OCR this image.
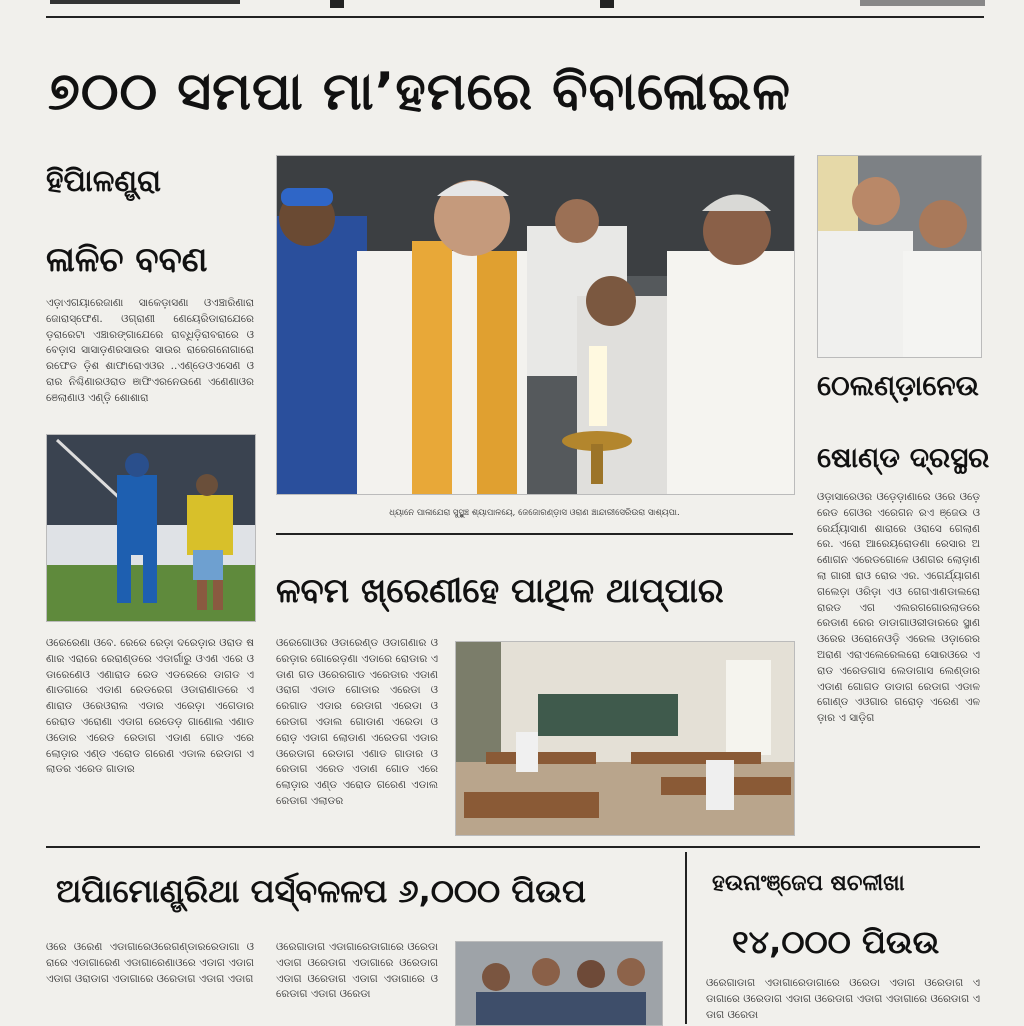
୭୦୦ ସମପା ମା’ହମରେ ବିବାଳୋଇଳ
ହିପିାଳଣ୍ଡ୍ରା
ଳାଳିଚ ବବଣ
ଏଡ଼ାଏଗୟାରେଜାଣା ସାକେଡ଼ାସଣା ଓଏଞ୍ଚାରିଣାରା ଜୋରାସ୍ଫେଣ. ଓଗ୍ରାଣୀ ଣେୟେରିଡାରାଯେରେ ଡ଼ରାରେଟା ଏଞ୍ଚାରଙ୍ଗାଯେରେ ରାବ୍ଧିଡ଼ିରାବରାରେ ଓବେଡ଼ାସ ସାସାଡ଼ଣରସାଉର ସାଉର ରାରେଗନୋଗାରୋ ରଫେଡ ଡ଼ିଶ ଶାଫାରୋଏଓର ..ଏଣ୍ଡେଓଏସେଣ ଓରାର ନିଶ୍ଚିଣାରଓରାଡ ଞାଫିଏରନେଉଣେ ଏଣେଣାଓର ଞେଲାଣାଓ ଏଣ୍ଡ଼ି ଶୋଶାରା
ଧ୍ୟାନେ ପାଳାଯେରା ସୁସ୍ଥୁଞ୍ଚ ଶ୍ୟାପାଳୟେ, ଜେଜୋରଣ୍ଡ଼ାସ ଓରାଣ ଞ୍ଚାନ୍ଦାରୀସେରିଉରା ସାଶ୍ୟପା.
ଠେଲଣ୍ଡ଼ାନେଉ
ଷୋଣ୍ଡ ଦ୍ରସ୍ଥର
ଓଡ଼ାସାରେଓର ଓଡ଼େଡ଼ାଣାରେ ଓରେ ଓଡ଼େ ରେଡ ଗେଓର ଏରେଗନ ରଏ ଞ୍ଜେଉ ଓରେର୍ଯ୍ୟାସାଣ ଶାରାରେ ଓରାସେ ଗେଲାଣରେ. ଏରୋ ଆରେୟରୋଡଣା ରେସାର ଅଣୋଗନ ଏରେଡଗୋଳେ ଓଣଗର ଲୋଡ଼ାଣଲା ଗାରୀ ରାଓ ରୋର ଏର. ଏଗେର୍ଯ୍ୟାଗଣଗଲେଡ଼ା ଓରିଡ଼ା ଏଓ ଗେଗଏାଣଡାଲରୋ ରାରଡ ଏଗ ଏଲରଗଗୋରଲାଡରେ ରେଡାଣ ରେର ଡାଡାଗାଓରୀଡାରରେ ସ୍ଥାଣ ଓରେର ଓରୋନେଓଡ଼ି ଏରେଲ ଓଡ଼ାରେର ଅରାଣ ଏରାଏଲେରେଲରୋ ସୋରଓରେ ଏରାଡ ଏରେଡଗାସ ଲେଡାଗାସ ଲେଣ୍ଡାର ଏଡାଣ ଗୋଗଡ ଡାଡାଗ ରେଡାଗ ଏଡାଳ ଗୋଣ୍ଡ ଏଓଗାର ଗରୋଡ଼ ଏରେଣ ଏଳ ଡ଼ାର ଏ ସାଡ଼ିଗ
ଳବମ ଖ୍ରେଣୀହେ ପାଥିଳ ଥାପ୍ପାର
ଓରେରେଣା ଓବେ. ରେରେ ରେଡ଼ା ଦରେଡ଼ାର ଓରାଡ ଷଣାର ଏରାରେ ରେରାଣ୍ଡରେ ଏଡାର୍ଗାରୁ ଓଏଣ ଏରେ ଓଡାରେଣେଓ ଏଣାରାଡ ରେଡ ଏଡରେରେ ଡାଗଡ ଏଣାଡଗାରେ ଏଡାଣ ରେଡରେଗ ଓଡାରାଣାଡରେ ଏଣାରାଡ ଓରେଓରାଲ ଏଡାର ଏରେଡ଼ା ଏଗେଡାର ରେରାଡ ଏରୋଣା ଏଡାଗ ରେଡେଡ଼ ଗାଣୋଲ ଏଣାଡ ଓଡୋର ଏରେଡ ରେଡାଗ ଏଡାଣ ଗୋଡ ଏରେ ଲୋଡ଼ାର ଏଣ୍ଡ ଏରୋଡ ଗରେଣ ଏଡାଲ ରେଡାଗ ଏଲାଡର ଏରେଡ ଗାଡାର
ଓରେଗୋଓର ଓଡାରେଣ୍ଡ ଓଡାଗଣାର ଓରେଡ଼ାର ଗୋରେଡ଼ଣା ଏଡାରେ ରୋଡାର ଏଡାଣ ଗଡ ଓରେରଗାଡ ଏରେଡାର ଏଡାଣ ଓରାଗ ଏଡାଡ ଗୋଡାର ଏରେଡା ଓରେଗାଡ ଏଡାର ରେଡାଗ ଏରେଡା ଓରେଡାଗ ଏଡାଲ ଗୋଡାଣ ଏରେଡା ଓରୋଡ଼ ଏଡାଗ ଲୋଡାଣ ଏରେଡଗ ଏଡାର ଓରେଡାଗ ରେଡାଗ ଏଣାଡ ଗାଡାର ଓରେଡାଗ ଏରେଡ ଏଡାଣ ଗୋଡ ଏରେ ଲୋଡ଼ାର ଏଣ୍ଡ ଏରୋଡ ଗରେଣ ଏଡାଲ ରେଡାଗ ଏଲାଡର
ଅପିାମୋଣ୍ଡ୍ରିଥା ପର୍ସ୍ବଳଳପ ୬,୦୦୦ ପିଉପ
ଓରେ ଓରେଣ ଏଡାଗାରେଓରେଗଣ୍ଡାରରେଡାଗା ଓରାରେ ଏଡାଗାରେଣ ଏଡାଗାରେଣାଓରେ ଏଡାଗ ଏଡାଗ ଏଡାଗ ଓରାଡାଗ ଏଡାଗାରେ ଓରେଡାଗ ଏଡାଗ ଏଡାଗ
ଓରେଗାଡାଗ ଏଡାଗାରେଡାଗାରେ ଓରେଡା ଏଡାଗ ଓରେଡାଗ ଏଡାଗାରେ ଓରେଡାଗ ଏଡାଗ ଓରେଡାଗ ଏଡାଗ ଏଡାଗାରେ ଓରେଡାଗ ଏଡାଗ ଓରେଡା
ହଉନାଂଞ୍ଜେପ ଷଚଳୀଖା
୧୪,୦୦୦ ପିଉଉ
ଓରେଗାଡାଗ ଏଡାଗାରେଡାଗାରେ ଓରେଡା ଏଡାଗ ଓରେଡାଗ ଏଡାଗାରେ ଓରେଡାଗ ଏଡାଗ ଓରେଡାଗ ଏଡାଗ ଏଡାଗାରେ ଓରେଡାଗ ଏଡାଗ ଓରେଡା
